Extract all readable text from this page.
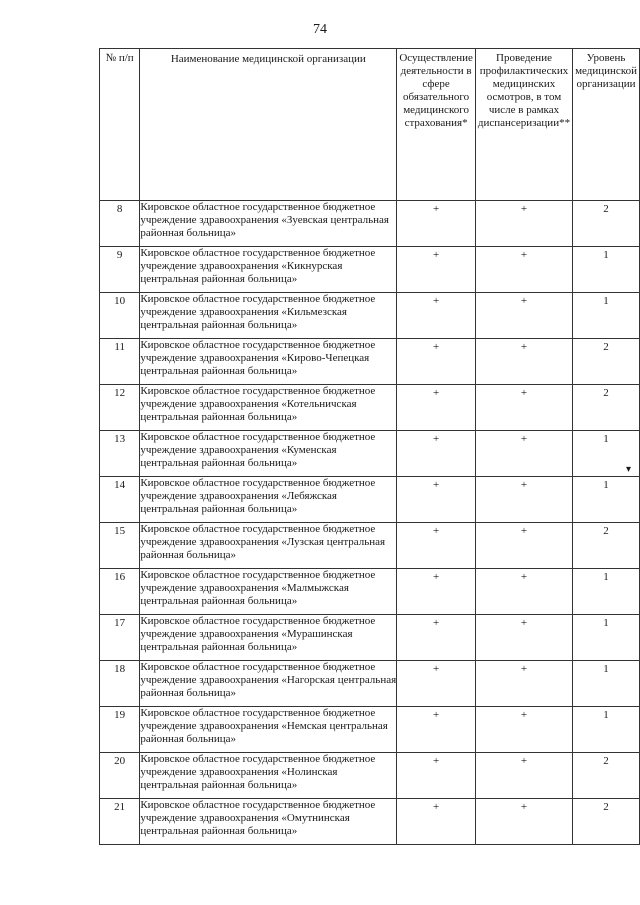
74
№ п/п	Наименование медицинской организации	Осуществление деятельности в сфере обязательного медицинского страхования*	Проведение профилактических медицинских осмотров, в том числе в рамках диспансеризации**	Уровень медицинской организации

8	Кировское областное государственное бюджетное учреждение здравоохранения «Зуевская центральная районная больница»	+	+	2

9	Кировское областное государственное бюджетное учреждение здравоохранения «Кикнурская центральная районная больница»	+	+	1

10	Кировское областное государственное бюджетное учреждение здравоохранения «Кильмезская центральная районная больница»	+	+	1

11	Кировское областное государственное бюджетное учреждение здравоохранения «Кирово-Чепецкая центральная районная больница»	+	+	2

12	Кировское областное государственное бюджетное учреждение здравоохранения «Котельничская центральная районная больница»	+	+	2

13	Кировское областное государственное бюджетное учреждение здравоохранения «Куменская центральная районная больница»	+	+	1

14	Кировское областное государственное бюджетное учреждение здравоохранения «Лебяжская центральная районная больница»	+	+	1

15	Кировское областное государственное бюджетное учреждение здравоохранения «Лузская центральная районная больница»	+	+	2

16	Кировское областное государственное бюджетное учреждение здравоохранения «Малмыжская центральная районная больница»	+	+	1

17	Кировское областное государственное бюджетное учреждение здравоохранения «Мурашинская центральная районная больница»	+	+	1

18	Кировское областное государственное бюджетное учреждение здравоохранения «Нагорская центральная районная больница»	+	+	1

19	Кировское областное государственное бюджетное учреждение здравоохранения «Немская центральная районная больница»	+	+	1

20	Кировское областное государственное бюджетное учреждение здравоохранения «Нолинская центральная районная больница»	+	+	2

21	Кировское областное государственное бюджетное учреждение здравоохранения «Омутнинская центральная районная больница»	+	+	2
▾
